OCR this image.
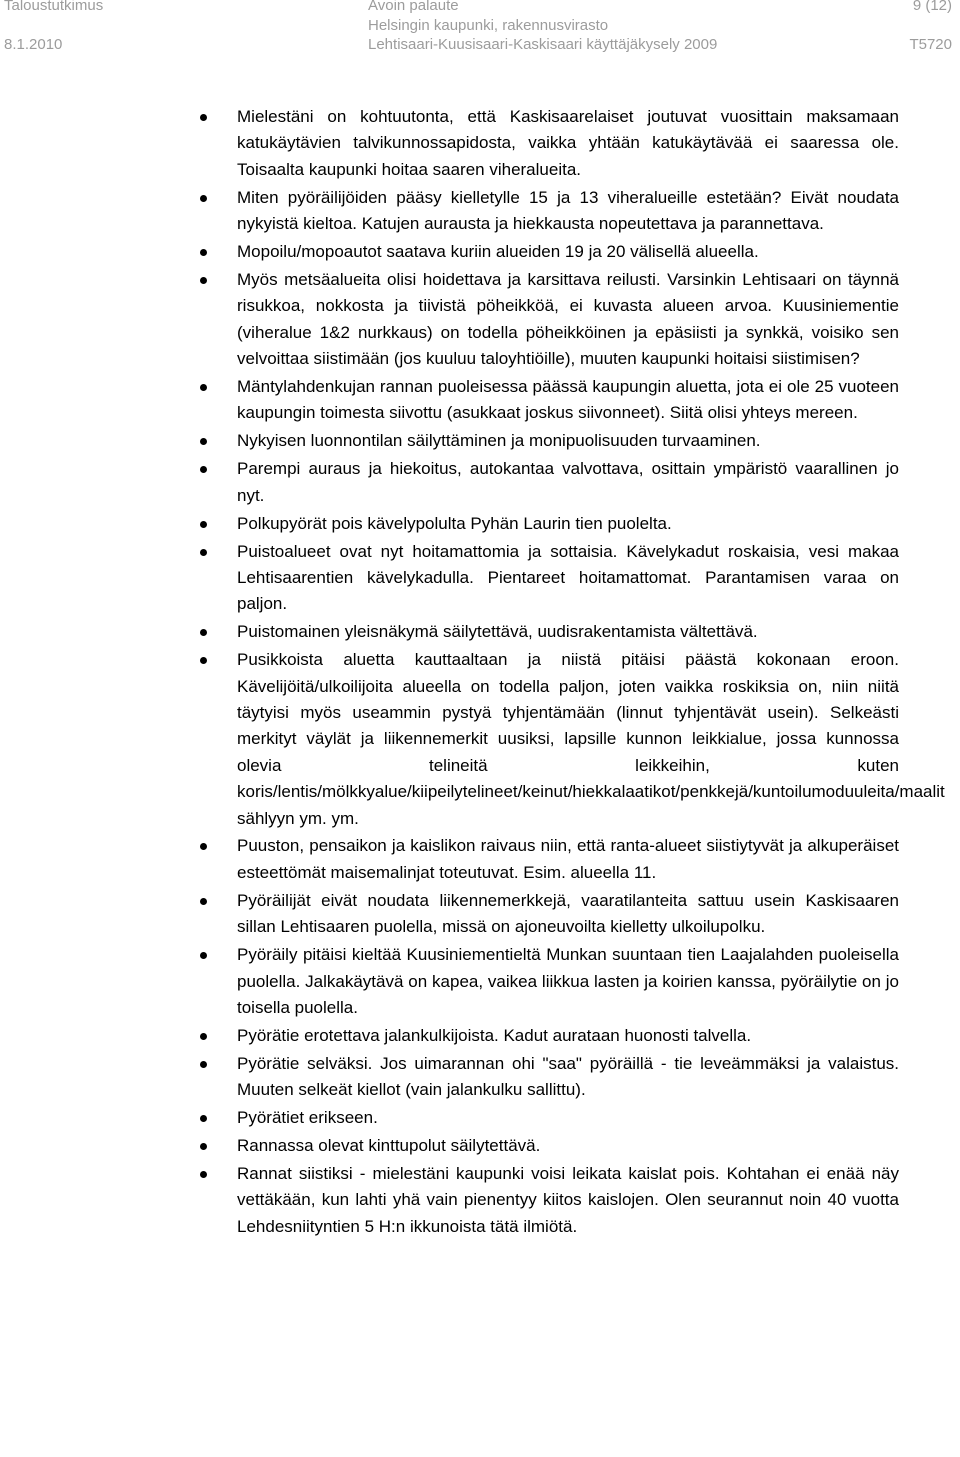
Taloustutkimus
8.1.2010
Avoin palaute
Helsingin kaupunki, rakennusvirasto
Lehtisaari-Kuusisaari-Kaskisaari käyttäjäkysely 2009
9 (12)
T5720
Mielestäni on kohtuutonta, että Kaskisaarelaiset joutuvat vuosittain maksamaan katukäytävien talvikunnossapidosta, vaikka yhtään katukäytävää ei saaressa ole. Toisaalta kaupunki hoitaa saaren viheralueita.
Miten pyöräilijöiden pääsy kielletylle 15 ja 13 viheralueille estetään? Eivät noudata nykyistä kieltoa. Katujen aurausta ja hiekkausta nopeutettava ja parannettava.
Mopoilu/mopoautot saatava kuriin alueiden 19 ja 20 välisellä alueella.
Myös metsäalueita olisi hoidettava ja karsittava reilusti. Varsinkin Lehtisaari on täynnä risukkoa, nokkosta ja tiivistä pöheikköä, ei kuvasta alueen arvoa. Kuusiniementie (viheralue 1&2 nurkkaus) on todella pöheikköinen ja epäsiisti ja synkkä, voisiko sen velvoittaa siistimään (jos kuuluu taloyhtiöille), muuten kaupunki hoitaisi siistimisen?
Mäntylahdenkujan rannan puoleisessa päässä kaupungin aluetta, jota ei ole 25 vuoteen kaupungin toimesta siivottu (asukkaat joskus siivonneet). Siitä olisi yhteys mereen.
Nykyisen luonnontilan säilyttäminen ja monipuolisuuden turvaaminen.
Parempi auraus ja hiekoitus, autokantaa valvottava, osittain ympäristö vaarallinen jo nyt.
Polkupyörät pois kävelypolulta Pyhän Laurin tien puolelta.
Puistoalueet ovat nyt hoitamattomia ja sottaisia. Kävelykadut roskaisia, vesi makaa Lehtisaarentien kävelykadulla. Pientareet hoitamattomat. Parantamisen varaa on paljon.
Puistomainen yleisnäkymä säilytettävä, uudisrakentamista vältettävä.
Pusikkoista aluetta kauttaaltaan ja niistä pitäisi päästä kokonaan eroon. Kävelijöitä/ulkoilijoita alueella on todella paljon, joten vaikka roskiksia on, niin niitä täytyisi myös useammin pystyä tyhjentämään (linnut tyhjentävät usein). Selkeästi merkityt väylät ja liikennemerkit uusiksi, lapsille kunnon leikkialue, jossa kunnossa olevia telineitä leikkeihin, kuten koris/lentis/mölkkyalue/kiipeilytelineet/keinut/hiekkalaatikot/penkkejä/kuntoilumoduuleita/maalit sählyyn ym. ym.
Puuston, pensaikon ja kaislikon raivaus niin, että ranta-alueet siistiytyvät ja alkuperäiset esteettömät maisemalinjat toteutuvat. Esim. alueella 11.
Pyöräilijät eivät noudata liikennemerkkejä, vaaratilanteita sattuu usein Kaskisaaren sillan Lehtisaaren puolella, missä on ajoneuvoilta kielletty ulkoilupolku.
Pyöräily pitäisi kieltää Kuusiniementieltä Munkan suuntaan tien Laajalahden puoleisella puolella. Jalkakäytävä on kapea, vaikea liikkua lasten ja koirien kanssa, pyöräilytie on jo toisella puolella.
Pyörätie erotettava jalankulkijoista. Kadut aurataan huonosti talvella.
Pyörätie selväksi. Jos uimarannan ohi "saa" pyöräillä - tie leveämmäksi ja valaistus. Muuten selkeät kiellot (vain jalankulku sallittu).
Pyörätiet erikseen.
Rannassa olevat kinttupolut säilytettävä.
Rannat siistiksi - mielestäni kaupunki voisi leikata kaislat pois. Kohtahan ei enää näy vettäkään, kun lahti yhä vain pienentyy kiitos kaislojen. Olen seurannut noin 40 vuotta Lehdesniityntien 5 H:n ikkunoista tätä ilmiötä.
